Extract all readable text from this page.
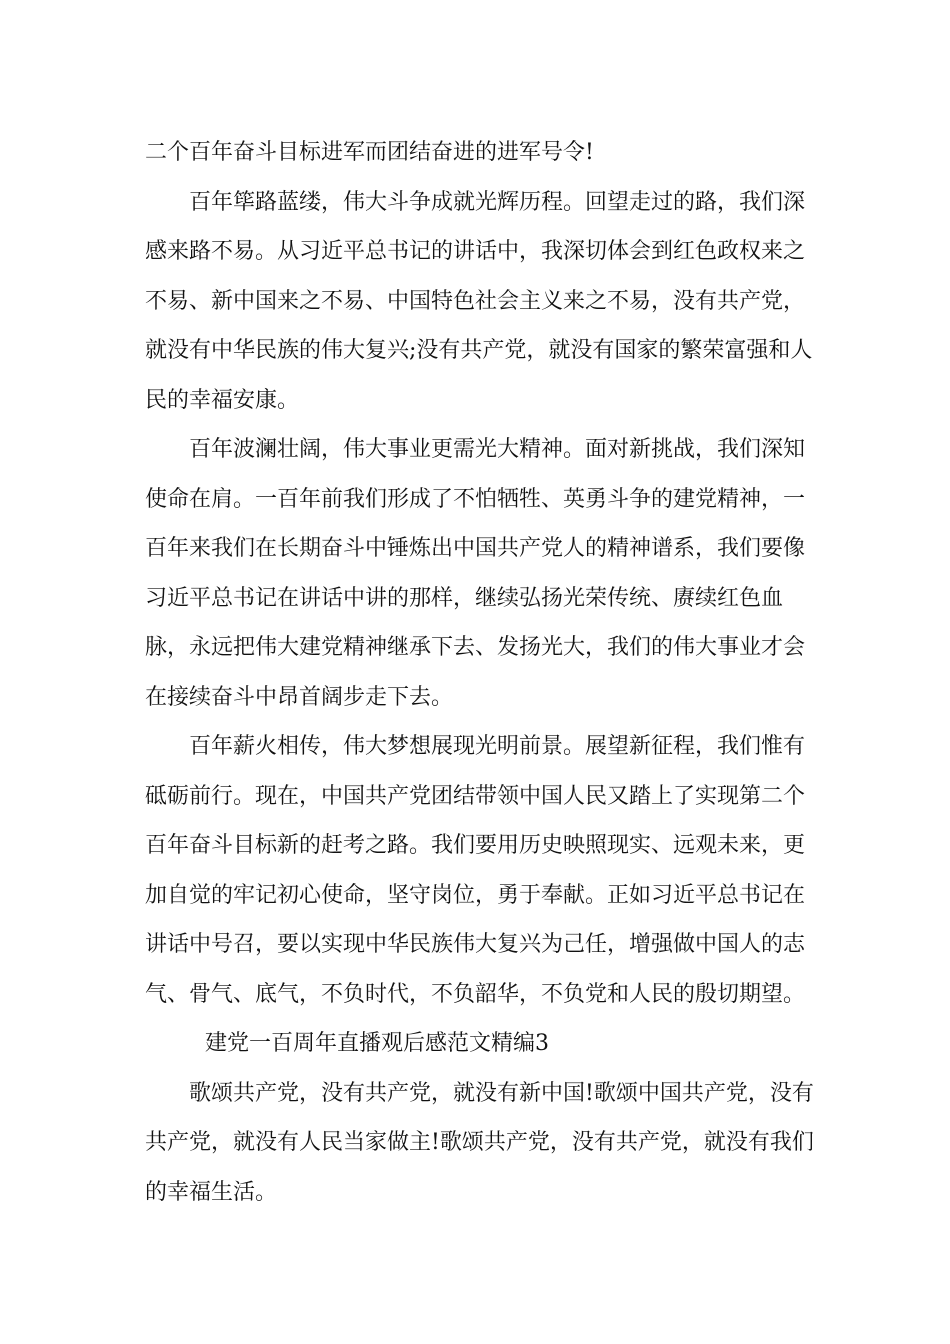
二个百年奋斗目标进军而团结奋进的进军号令!

百年筚路蓝缕，伟大斗争成就光辉历程。回望走过的路，我们深感来路不易。从习近平总书记的讲话中，我深切体会到红色政权来之不易、新中国来之不易、中国特色社会主义来之不易，没有共产党，就没有中华民族的伟大复兴;没有共产党，就没有国家的繁荣富强和人民的幸福安康。

百年波澜壮阔，伟大事业更需光大精神。面对新挑战，我们深知使命在肩。一百年前我们形成了不怕牺牲、英勇斗争的建党精神，一百年来我们在长期奋斗中锤炼出中国共产党人的精神谱系，我们要像习近平总书记在讲话中讲的那样，继续弘扬光荣传统、赓续红色血脉，永远把伟大建党精神继承下去、发扬光大，我们的伟大事业才会在接续奋斗中昂首阔步走下去。

百年薪火相传，伟大梦想展现光明前景。展望新征程，我们惟有砥砺前行。现在，中国共产党团结带领中国人民又踏上了实现第二个百年奋斗目标新的赶考之路。我们要用历史映照现实、远观未来，更加自觉的牢记初心使命，坚守岗位，勇于奉献。正如习近平总书记在讲话中号召，要以实现中华民族伟大复兴为己任，增强做中国人的志气、骨气、底气，不负时代，不负韶华，不负党和人民的殷切期望。建党一百周年直播观后感范文精编3

歌颂共产党，没有共产党，就没有新中国!歌颂中国共产党，没有共产党，就没有人民当家做主!歌颂共产党，没有共产党，就没有我们的幸福生活。
